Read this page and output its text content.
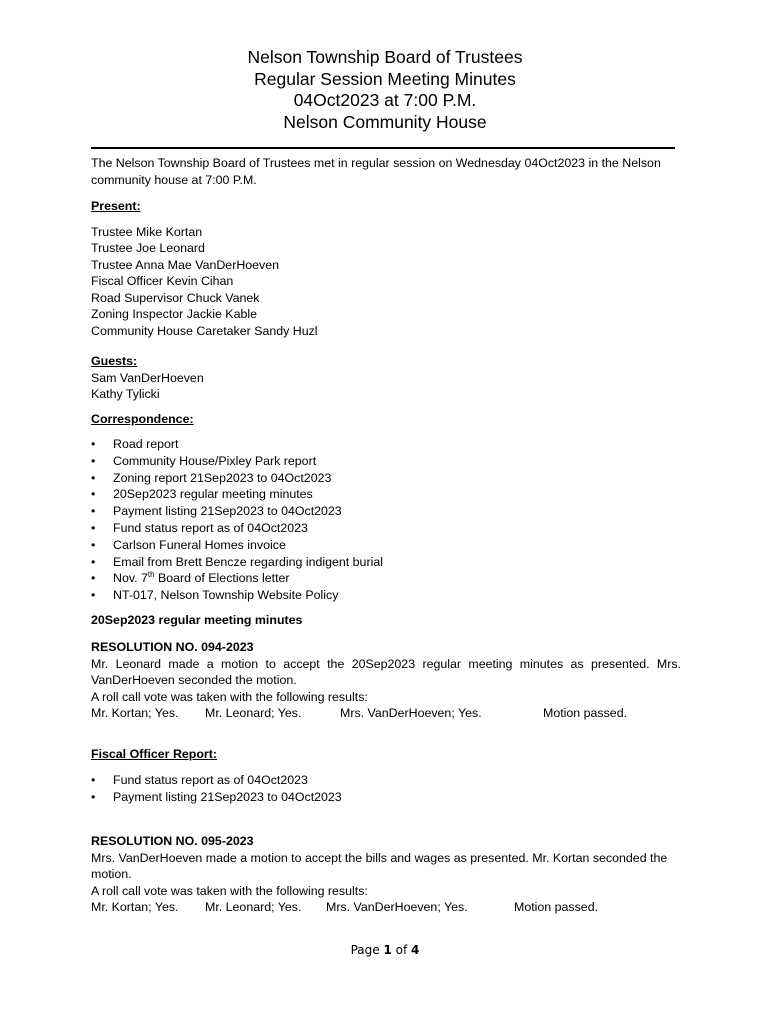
Nelson Township Board of Trustees
Regular Session Meeting Minutes
04Oct2023 at 7:00 P.M.
Nelson Community House

The Nelson Township Board of Trustees met in regular session on Wednesday 04Oct2023 in the Nelson community house at 7:00 P.M.

Present:

Trustee Mike Kortan

Trustee Joe Leonard

Trustee Anna Mae VanDerHoeven

Fiscal Officer Kevin Cihan

Road Supervisor Chuck Vanek

Zoning Inspector Jackie Kable

Community House Caretaker Sandy Huzl

Guests:

Sam VanDerHoeven

Kathy Tylicki

Correspondence:

• Road report
• Community House/Pixley Park report
• Zoning report 21Sep2023 to 04Oct2023
• 20Sep2023 regular meeting minutes
• Payment listing 21Sep2023 to 04Oct2023
• Fund status report as of 04Oct2023
• Carlson Funeral Homes invoice
• Email from Brett Bencze regarding indigent burial
• Nov. 7th Board of Elections letter
• NT-017, Nelson Township Website Policy

20Sep2023 regular meeting minutes

RESOLUTION NO. 094-2023

Mr. Leonard made a motion to accept the 20Sep2023 regular meeting minutes as presented. Mrs. VanDerHoeven seconded the motion.

A roll call vote was taken with the following results:

Mr. Kortan; Yes. Mr. Leonard; Yes.	Mrs. VanDerHoeven; Yes.	Motion passed.

Fiscal Officer Report:

• Fund status report as of 04Oct2023
• Payment listing 21Sep2023 to 04Oct2023

RESOLUTION NO. 095-2023

Mrs. VanDerHoeven made a motion to accept the bills and wages as presented. Mr. Kortan seconded the motion.

A roll call vote was taken with the following results:

Mr. Kortan; Yes. Mr. Leonard; Yes. Mrs. VanDerHoeven; Yes.	Motion passed.
Page 1 of 4
